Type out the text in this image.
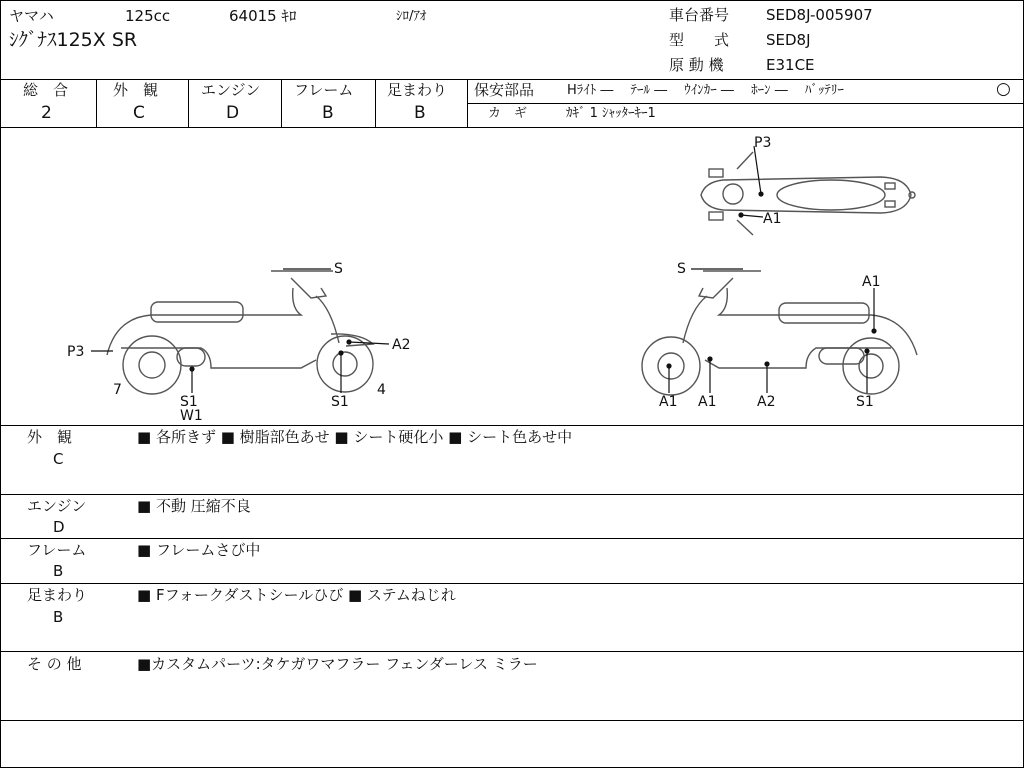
ヤマハ	125cc	64015 ｷﾛ	ｼﾛ/ｱｵ
ｼｸﾞﾅｽ125X SR
車台番号 SED8J-005907
型　　式 SED8J
原 動 機	E31CE
総　合
2
外　観
C
エンジン
D
フレーム
B
足まわり
B
保安部品	Hﾗｲﾄ ―　 ﾃｰﾙ ―　 ｳｲﾝｶｰ ―　 ﾎｰﾝ ―　 ﾊﾞｯﾃﾘｰ	○
カ　ギ	ｶｷﾞ 1 ｼｬｯﾀｰｷｰ1
P3
A1
S
P3	A2
7
S1
W1
S1
4
S
A1
A1 A1	A2	S1
外　観
C
■ 各所きず ■ 樹脂部色あせ ■ シート硬化小 ■ シート色あせ中
エンジン
D
■ 不動 圧縮不良
フレーム
B
■ フレームさび中
足まわり
B
■ Fフォークダストシールひび ■ ステムねじれ
そ の 他	■カスタムパーツ:タケガワマフラー フェンダーレス ミラー
